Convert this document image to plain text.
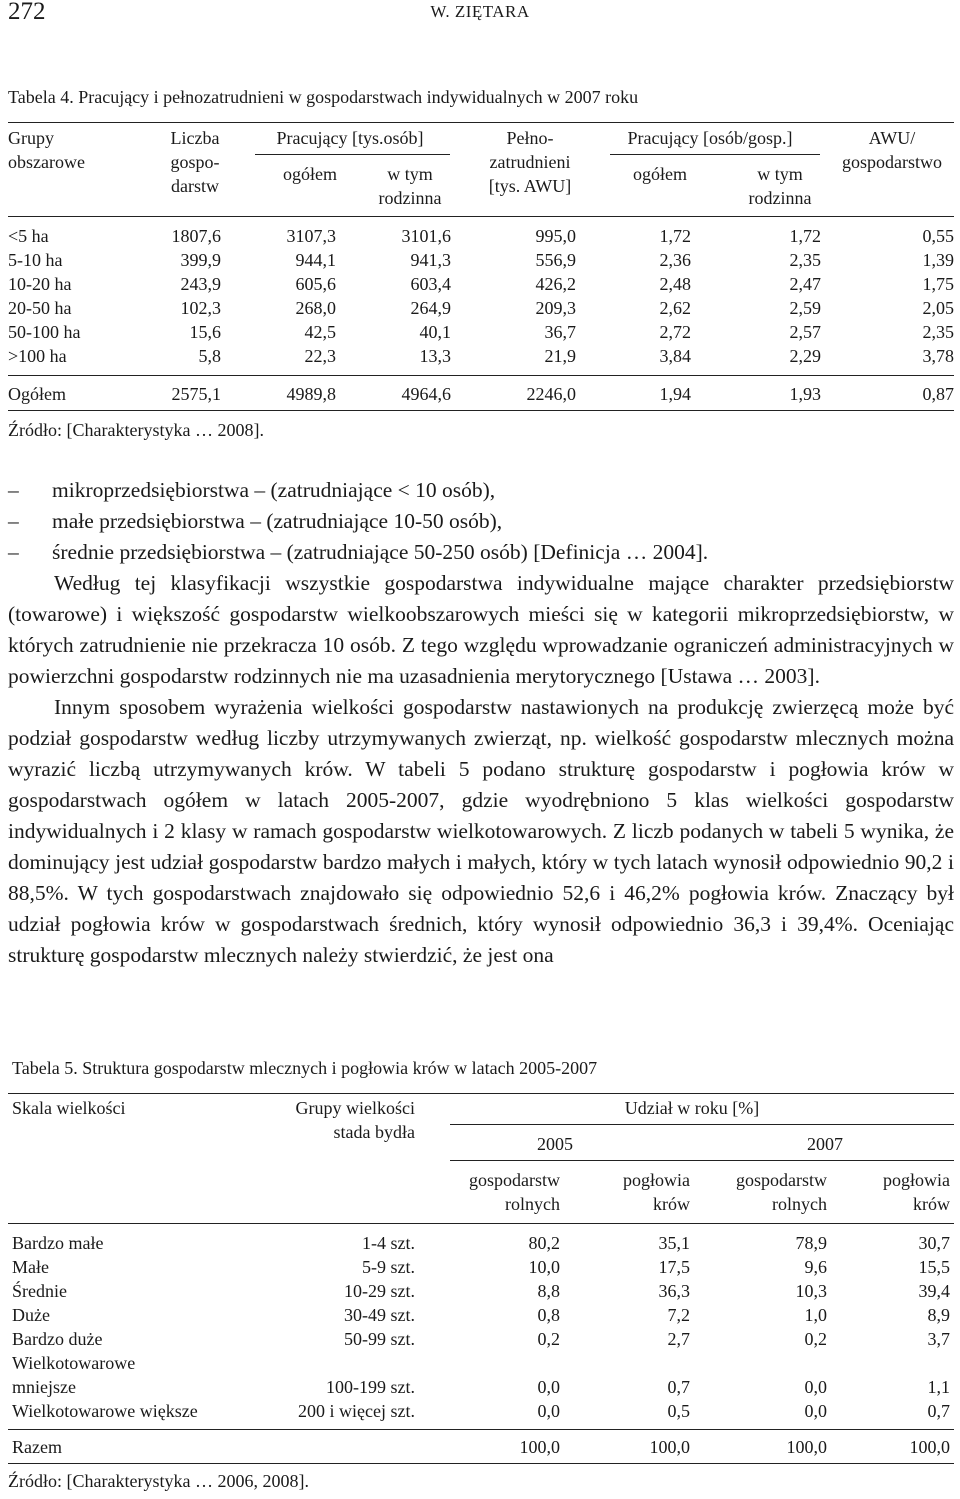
272	W. ZIĘTARA
Tabela 4. Pracujący i pełnozatrudnieni w gospodarstwach indywidualnych w 2007 roku
Grupy
obszarowe
Liczba
gospo-
darstw
Pracujący [tys.osób]
ogółem	w tym
rodzinna
Pełno-
zatrudnieni
[tys. AWU]
Pracujący [osób/gosp.]
ogółem	w tym
rodzinna
AWU/
gospodarstwo
<5 ha	1807,6	3107,3	3101,6	995,0	1,72	1,72	0,55
5-10 ha	399,9	944,1	941,3	556,9	2,36	2,35	1,39
10-20 ha	243,9	605,6	603,4	426,2	2,48	2,47	1,75
20-50 ha	102,3	268,0	264,9	209,3	2,62	2,59	2,05
50-100 ha	15,6	42,5	40,1	36,7	2,72	2,57	2,35
>100 ha	5,8	22,3	13,3	21,9	3,84	2,29	3,78
Ogółem	2575,1	4989,8	4964,6	2246,0	1,94	1,93	0,87
Źródło: [Charakterystyka … 2008].
– mikroprzedsiębiorstwa – (zatrudniające < 10 osób),
– małe przedsiębiorstwa – (zatrudniające 10-50 osób),
– średnie przedsiębiorstwa – (zatrudniające 50-250 osób) [Definicja … 2004].

Według tej klasyfikacji wszystkie gospodarstwa indywidualne mające charakter przedsiębiorstw (towarowe) i większość gospodarstw wielkoobszarowych mieści się w kategorii mikroprzedsiębiorstw, w których zatrudnienie nie przekracza 10 osób. Z tego względu wprowadzanie ograniczeń administracyjnych w powierzchni gospodarstw rodzinnych nie ma uzasadnienia merytorycznego [Ustawa … 2003].

Innym sposobem wyrażenia wielkości gospodarstw nastawionych na produkcję zwierzęcą może być podział gospodarstw według liczby utrzymywanych zwierząt, np. wielkość gospodarstw mlecznych można wyrazić liczbą utrzymywanych krów. W tabeli 5 podano strukturę gospodarstw i pogłowia krów w gospodarstwach ogółem w latach 2005-2007, gdzie wyodrębniono 5 klas wielkości gospodarstw indywidualnych i 2 klasy w ramach gospodarstw wielkotowarowych. Z liczb podanych w tabeli 5 wynika, że dominujący jest udział gospodarstw bardzo małych i małych, który w tych latach wynosił odpowiednio 90,2 i 88,5%. W tych gospodarstwach znajdowało się odpowiednio 52,6 i 46,2% pogłowia krów. Znaczący był udział pogłowia krów w gospodarstwach średnich, który wynosił odpowiednio 36,3 i 39,4%. Oceniając strukturę gospodarstw mlecznych należy stwierdzić, że jest ona

Tabela 5. Struktura gospodarstw mlecznych i pogłowia krów w latach 2005-2007
Skala wielkości	Grupy wielkości
stada bydła
Udział w roku [%]
2005	2007
gospodarstw
rolnych
pogłowia
krów
gospodarstw
rolnych
pogłowia
krów
Bardzo małe	1-4 szt.	80,2	35,1	78,9	30,7
Małe	5-9 szt.	10,0	17,5	9,6	15,5
Średnie	10-29 szt.	8,8	36,3	10,3	39,4
Duże	30-49 szt.	0,8	7,2	1,0	8,9
Bardzo duże	50-99 szt.	0,2	2,7	0,2	3,7
Wielkotowarowe					
mniejsze	100-199 szt.	0,0	0,7	0,0	1,1
Wielkotowarowe większe	200 i więcej szt.	0,0	0,5	0,0	0,7
Razem		100,0	100,0	100,0	100,0
Źródło: [Charakterystyka … 2006, 2008].
